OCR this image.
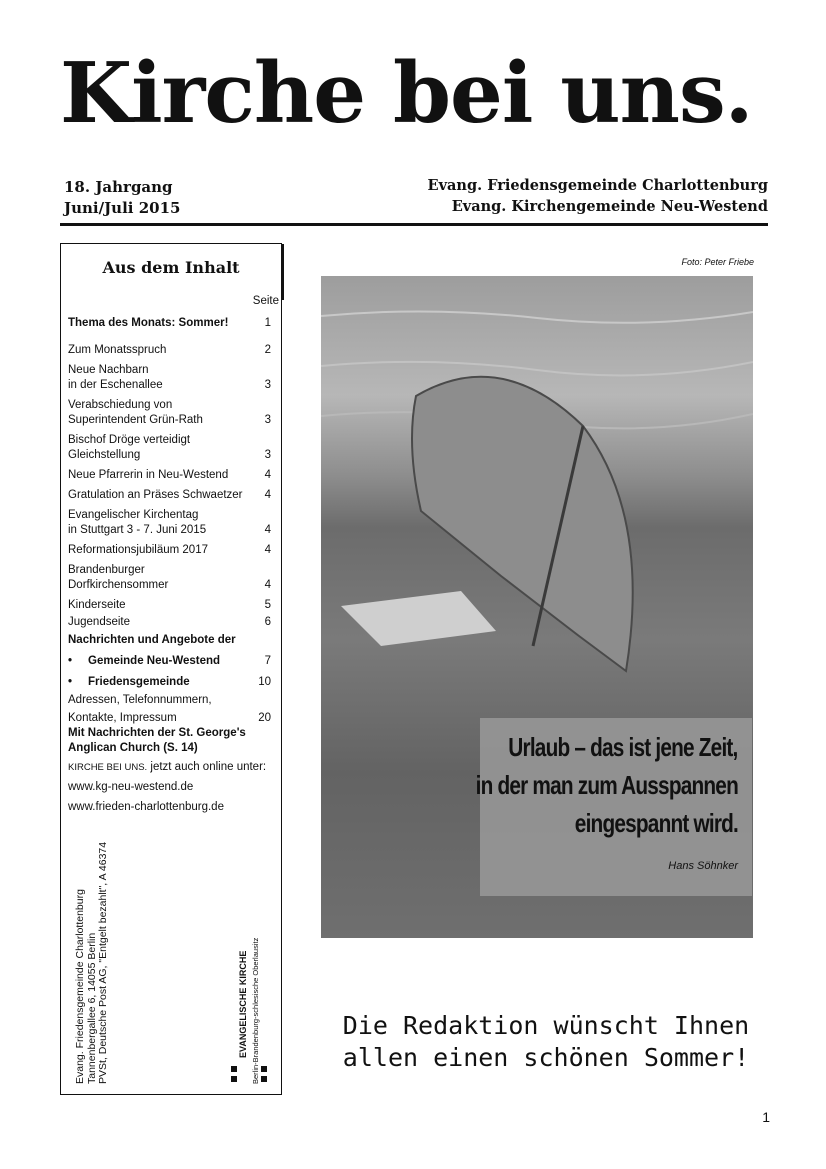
Kirche bei uns.
18. Jahrgang
Juni/Juli 2015
Evang. Friedensgemeinde Charlottenburg
Evang. Kirchengemeinde Neu-Westend
Aus dem Inhalt
Seite
Thema des Monats: Sommer!	1
Zum Monatsspruch	2
Neue Nachbarn
in der Eschenallee	3
Verabschiedung von
Superintendent Grün-Rath	3
Bischof Dröge verteidigt
Gleichstellung	3
Neue Pfarrerin in Neu-Westend	4
Gratulation an Präses Schwaetzer	4
Evangelischer Kirchentag
in Stuttgart 3 - 7. Juni 2015	4
Reformationsjubiläum 2017	4
Brandenburger
Dorfkirchensommer	4
Kinderseite	5
Jugendseite	6
Nachrichten und Angebote der
• Gemeinde Neu-Westend	7
• Friedensgemeinde	10
Adressen, Telefonnummern,
Kontakte, Impressum	20
Mit Nachrichten der St. George's
Anglican Church (S. 14)
KIRCHE BEI UNS. jetzt auch online unter:
www.kg-neu-westend.de
www.frieden-charlottenburg.de
Evang. Friedensgemeinde Charlottenburg Tannenbergallee 6, 14055 Berlin PVSt, Deutsche Post AG, "Entgelt bezahlt", A 46374	EVANGELISCHE KIRCHE Berlin-Brandenburg-schlesische Oberlausitz
Foto: Peter Friebe
Urlaub – das ist jene Zeit,
in der man zum Ausspannen
eingespannt wird.
Hans Söhnker
Die Redaktion wünscht Ihnen
allen einen schönen Sommer!
1
